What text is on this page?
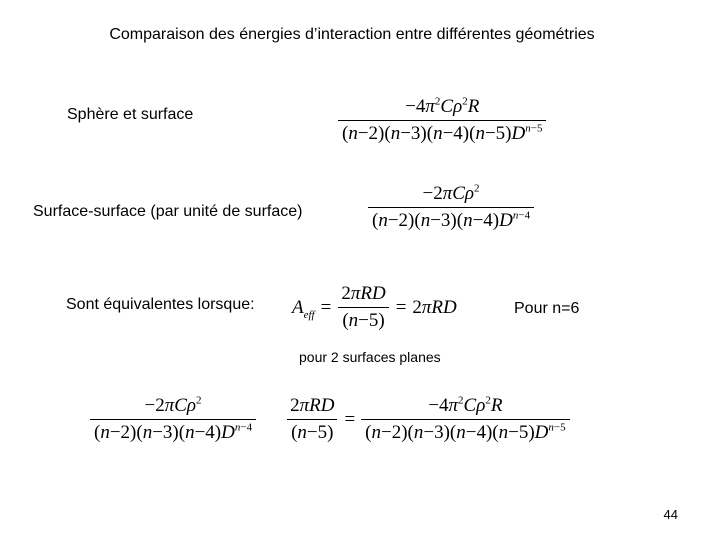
Comparaison des énergies d’interaction entre différentes géométries
Sphère et surface	$\frac{-4\pi^2C\rho^2R}{(n-2)(n-3)(n-4)(n-5)D^{n-5}}$
Surface-surface (par unité de surface)	$\frac{-2\pi C\rho^2}{(n-2)(n-3)(n-4)D^{n-4}}$
Sont équivalentes lorsque: $A_{eff} = \frac{\text{2πRD}}{(n-5)} = 2\pi RD$	Pour n=6
pour 2 surfaces planes
$\frac{-2\pi C\rho^2}{(n-2)(n-3)(n-4)D^{n-4}} \frac{\text{2πRD}}{(n-5)} = \frac{-4\pi^2C\rho^2R}{(n-2)(n-3)(n-4)(n-5)D^{n-5}}$
44
